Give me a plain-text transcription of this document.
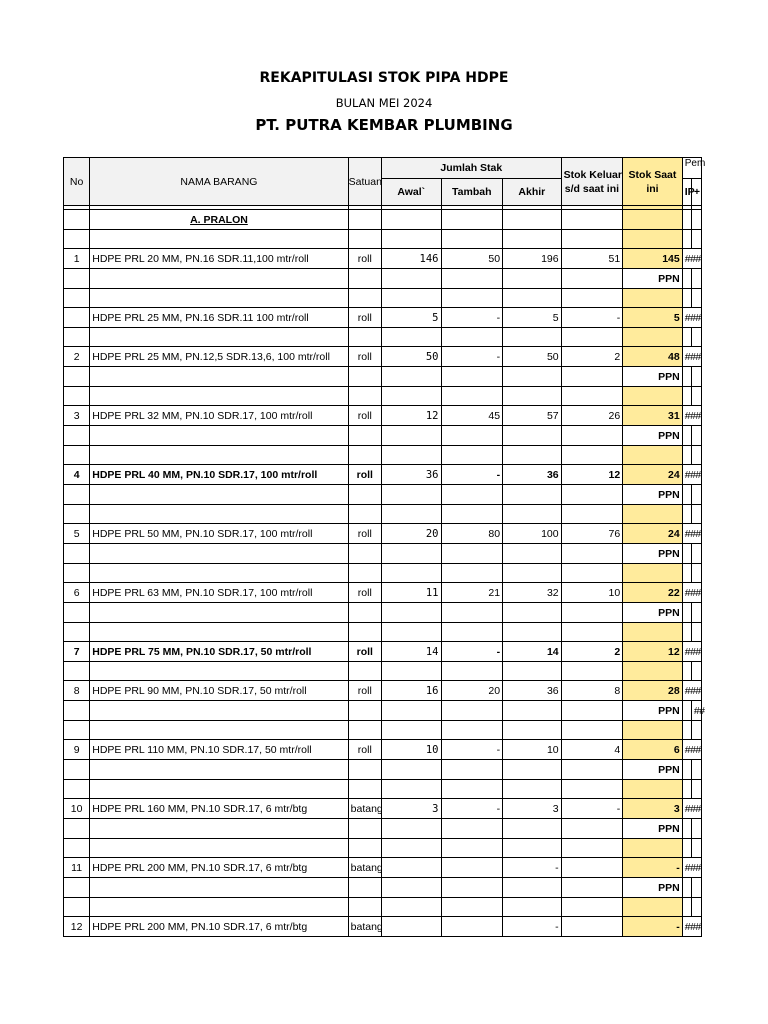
REKAPITULASI STOK PIPA HDPE
BULAN MEI 2024
PT. PUTRA KEMBAR PLUMBING
No	NAMA BARANG	Satuan	Jumlah Stak			Stok Keluar
s/d saat ini	Stok Saat
ini	Pem	
			Awal`	Tambah	Akhir			IP	+

	A. PRALON								

1	HDPE PRL 20 MM, PN.16 SDR.11,100 mtr/roll	roll	146	50	196	51	145	###	
							PPN		

	HDPE PRL 25 MM, PN.16 SDR.11 100 mtr/roll	roll	5	-	5	-	5	###	

2	HDPE PRL 25 MM, PN.12,5 SDR.13,6, 100 mtr/roll	roll	50	-	50	2	48	###	
							PPN		

3	HDPE PRL 32 MM, PN.10 SDR.17, 100 mtr/roll	roll	12	45	57	26	31	###	
							PPN		

4	HDPE PRL 40 MM, PN.10 SDR.17, 100 mtr/roll	roll	36	-	36	12	24	###	
							PPN		

5	HDPE PRL 50 MM, PN.10 SDR.17, 100 mtr/roll	roll	20	80	100	76	24	###	
							PPN		

6	HDPE PRL 63 MM, PN.10 SDR.17, 100 mtr/roll	roll	11	21	32	10	22	###	
							PPN		

7	HDPE PRL 75 MM, PN.10 SDR.17, 50 mtr/roll	roll	14	-	14	2	12	###	

8	HDPE PRL 90 MM, PN.10 SDR.17, 50 mtr/roll	roll	16	20	36	8	28	###	
							PPN		##

9	HDPE PRL 110 MM, PN.10 SDR.17, 50 mtr/roll	roll	10	-	10	4	6	###	
							PPN		

10	HDPE PRL 160 MM, PN.10 SDR.17, 6 mtr/btg	batang	3	-	3	-	3	###	
							PPN		

11	HDPE PRL 200 MM, PN.10 SDR.17, 6 mtr/btg	batang			-		-	###	
							PPN		

12	HDPE PRL 200 MM, PN.10 SDR.17, 6 mtr/btg	batang			-		-	###	
